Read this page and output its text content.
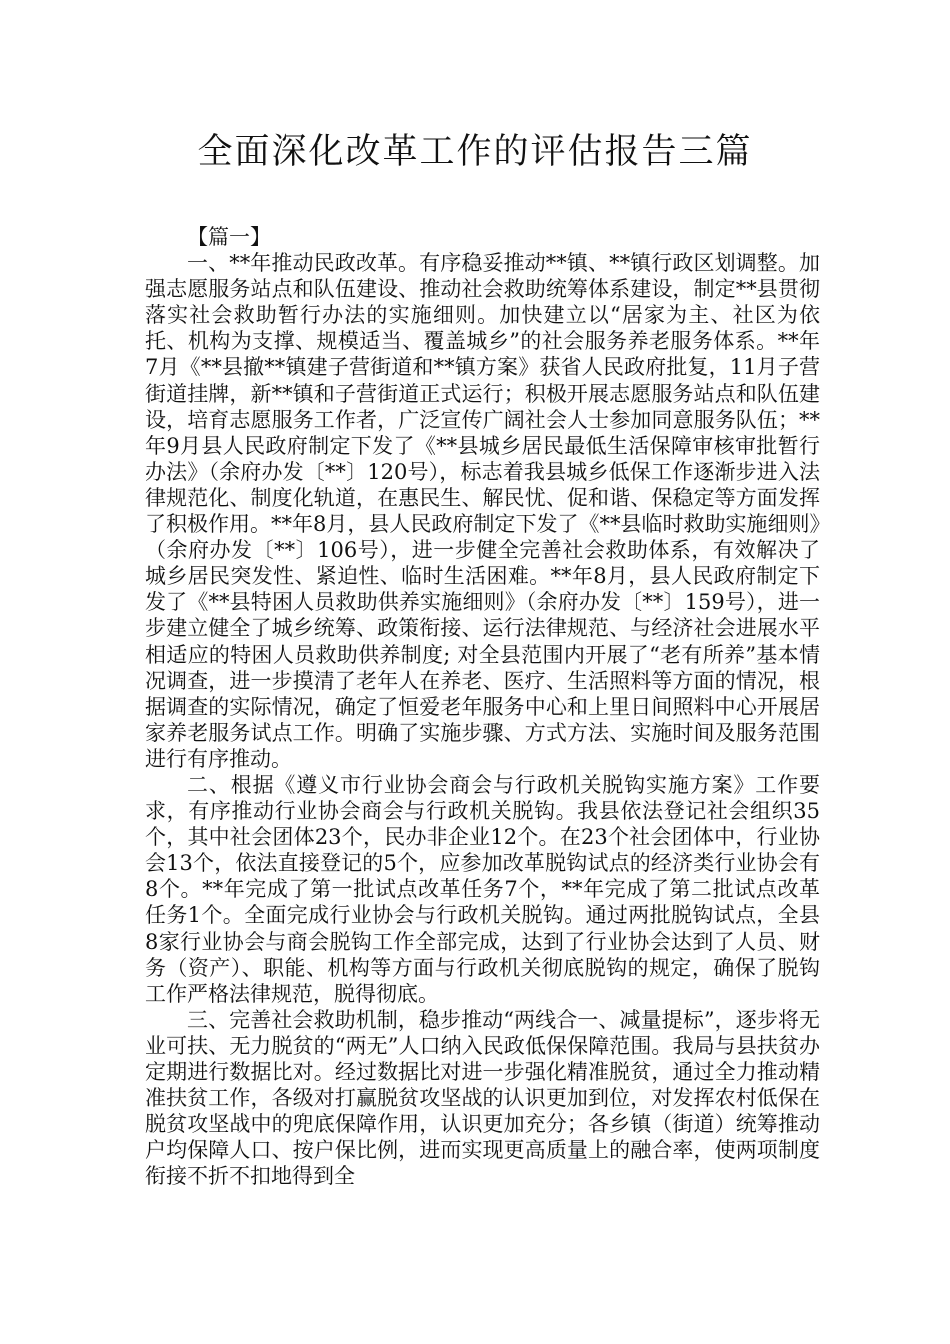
全面深化改革工作的评估报告三篇

【篇一】

一、**年推动民政改革。有序稳妥推动**镇、**镇行政区划调整。加强志愿服务站点和队伍建设、推动社会救助统筹体系建设，制定**县贯彻落实社会救助暂行办法的实施细则。加快建立以“居家为主、社区为依托、机构为支撑、规模适当、覆盖城乡”的社会服务养老服务体系。**年7月《**县撤**镇建子营街道和**镇方案》获省人民政府批复，11月子营街道挂牌，新**镇和子营街道正式运行；积极开展志愿服务站点和队伍建设，培育志愿服务工作者，广泛宣传广阔社会人士参加同意服务队伍；**年9月县人民政府制定下发了《**县城乡居民最低生活保障审核审批暂行办法》（余府办发〔**〕120号），标志着我县城乡低保工作逐渐步进入法律规范化、制度化轨道，在惠民生、解民忧、促和谐、保稳定等方面发挥了积极作用。**年8月，县人民政府制定下发了《**县临时救助实施细则》（余府办发〔**〕106号），进一步健全完善社会救助体系，有效解决了城乡居民突发性、紧迫性、临时生活困难。**年8月，县人民政府制定下发了《**县特困人员救助供养实施细则》（余府办发〔**〕159号），进一步建立健全了城乡统筹、政策衔接、运行法律规范、与经济社会进展水平相适应的特困人员救助供养制度; 对全县范围内开展了“老有所养”基本情况调查，进一步摸清了老年人在养老、医疗、生活照料等方面的情况，根据调查的实际情况，确定了恒爱老年服务中心和上里日间照料中心开展居家养老服务试点工作。明确了实施步骤、方式方法、实施时间及服务范围进行有序推动。

二、根据《遵义市行业协会商会与行政机关脱钩实施方案》工作要求，有序推动行业协会商会与行政机关脱钩。我县依法登记社会组织35个，其中社会团体23个，民办非企业12个。在23个社会团体中，行业协会13个，依法直接登记的5个，应参加改革脱钩试点的经济类行业协会有8个。**年完成了第一批试点改革任务7个，**年完成了第二批试点改革任务1个。全面完成行业协会与行政机关脱钩。通过两批脱钩试点，全县8家行业协会与商会脱钩工作全部完成，达到了行业协会达到了人员、财务（资产）、职能、机构等方面与行政机关彻底脱钩的规定，确保了脱钩工作严格法律规范，脱得彻底。

三、完善社会救助机制，稳步推动“两线合一、减量提标”，逐步将无业可扶、无力脱贫的“两无”人口纳入民政低保保障范围。我局与县扶贫办定期进行数据比对。经过数据比对进一步强化精准脱贫，通过全力推动精准扶贫工作，各级对打赢脱贫攻坚战的认识更加到位，对发挥农村低保在脱贫攻坚战中的兜底保障作用，认识更加充分；各乡镇（街道）统筹推动户均保障人口、按户保比例，进而实现更高质量上的融合率，使两项制度衔接不折不扣地得到全
